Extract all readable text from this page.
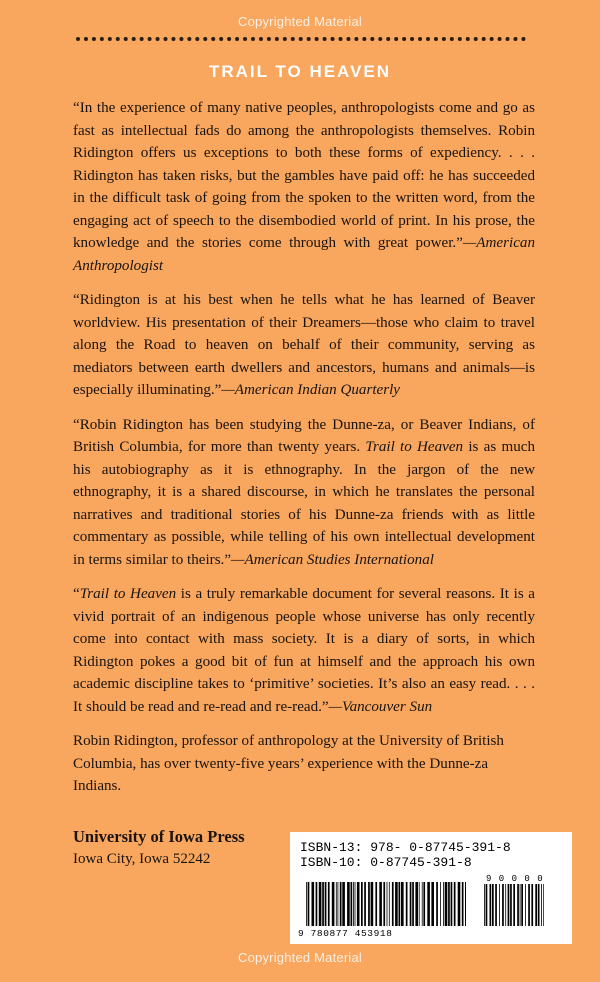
Copyrighted Material
TRAIL TO HEAVEN

“In the experience of many native peoples, anthropologists come and go as fast as intellectual fads do among the anthropologists themselves. Robin Ridington offers us exceptions to both these forms of expediency. . . . Ridington has taken risks, but the gambles have paid off: he has succeeded in the difficult task of going from the spoken to the written word, from the engaging act of speech to the disembodied world of print. In his prose, the knowledge and the stories come through with great power.”—American Anthropologist

“Ridington is at his best when he tells what he has learned of Beaver worldview. His presentation of their Dreamers—those who claim to travel along the Road to heaven on behalf of their community, serving as mediators between earth dwellers and ancestors, humans and animals—is especially illuminating.”—American Indian Quarterly

“Robin Ridington has been studying the Dunne-za, or Beaver Indians, of British Columbia, for more than twenty years. Trail to Heaven is as much his autobiography as it is ethnography. In the jargon of the new ethnography, it is a shared discourse, in which he translates the personal narratives and traditional stories of his Dunne-za friends with as little commentary as possible, while telling of his own intellectual development in terms similar to theirs.”—American Studies International

“Trail to Heaven is a truly remarkable document for several reasons. It is a vivid portrait of an indigenous people whose universe has only recently come into contact with mass society. It is a diary of sorts, in which Ridington pokes a good bit of fun at himself and the approach his own academic discipline takes to ‘primitive’ societies. It’s also an easy read. . . . It should be read and re-read and re-read.”—Vancouver Sun

Robin Ridington, professor of anthropology at the University of British Columbia, has over twenty-five years’ experience with the Dunne-za Indians.

University of Iowa Press
Iowa City, Iowa 52242
ISBN-13: 978- 0-87745-391-8
ISBN-10: 0-87745-391-8
9 0 0 0 0
9 780877 453918
Copyrighted Material
